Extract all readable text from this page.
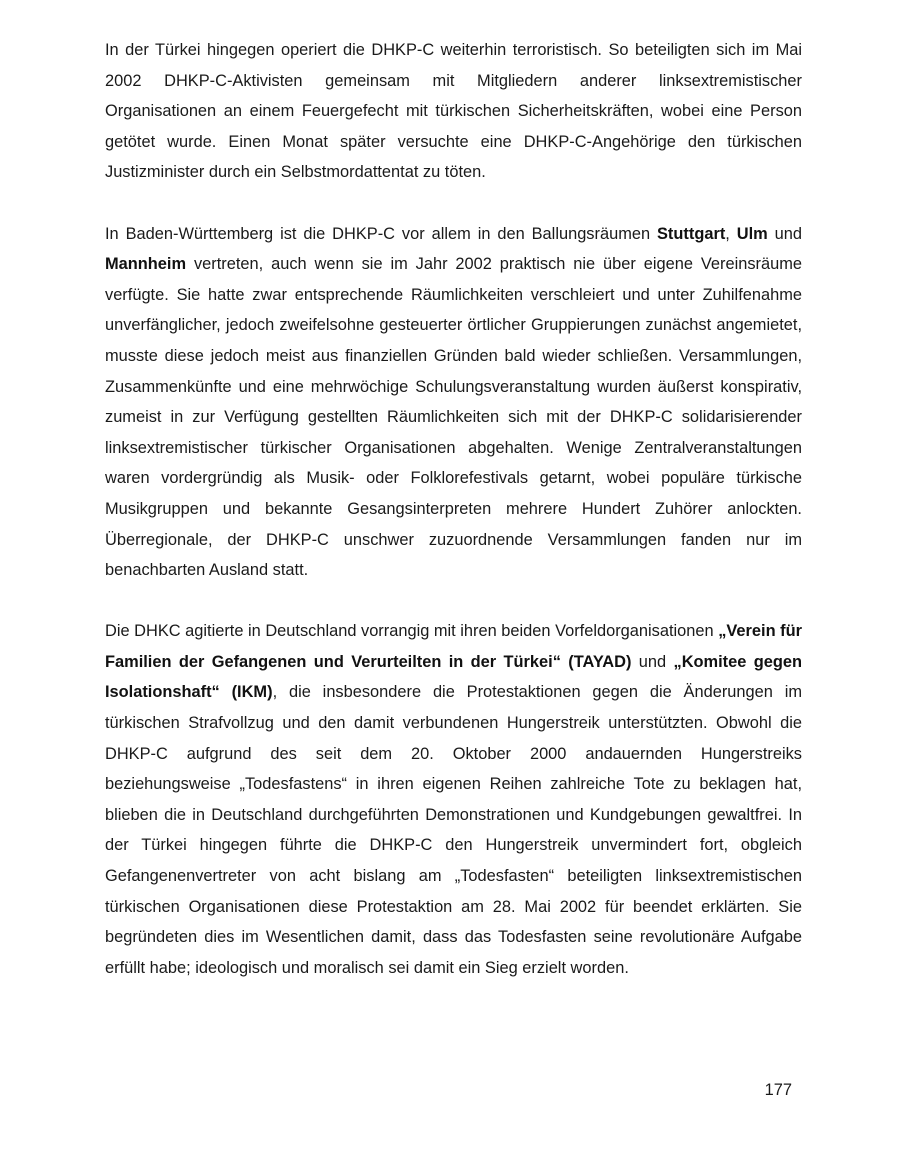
In der Türkei hingegen operiert die DHKP-C weiterhin terroristisch. So beteiligten sich im Mai 2002 DHKP-C-Aktivisten gemeinsam mit Mitgliedern anderer linksextremistischer Organisationen an einem Feuergefecht mit türkischen Sicherheitskräften, wobei eine Person getötet wurde. Einen Monat später versuchte eine DHKP-C-Angehörige den türkischen Justizminister durch ein Selbstmordattentat zu töten.

In Baden-Württemberg ist die DHKP-C vor allem in den Ballungsräumen Stuttgart, Ulm und Mannheim vertreten, auch wenn sie im Jahr 2002 praktisch nie über eigene Vereinsräume verfügte. Sie hatte zwar entsprechende Räumlichkeiten verschleiert und unter Zuhilfenahme unverfänglicher, jedoch zweifelsohne gesteuerter örtlicher Gruppierungen zunächst angemietet, musste diese jedoch meist aus finanziellen Gründen bald wieder schließen. Versammlungen, Zusammenkünfte und eine mehrwöchige Schulungsveranstaltung wurden äußerst konspirativ, zumeist in zur Verfügung gestellten Räumlichkeiten sich mit der DHKP-C solidarisierender linksextremistischer türkischer Organisationen abgehalten. Wenige Zentralveranstaltungen waren vordergründig als Musik- oder Folklorefestivals getarnt, wobei populäre türkische Musikgruppen und bekannte Gesangsinterpreten mehrere Hundert Zuhörer anlockten. Überregionale, der DHKP-C unschwer zuzuordnende Versammlungen fanden nur im benachbarten Ausland statt.

Die DHKC agitierte in Deutschland vorrangig mit ihren beiden Vorfeldorganisationen „Verein für Familien der Gefangenen und Verurteilten in der Türkei“ (TAYAD) und „Komitee gegen Isolationshaft“ (IKM), die insbesondere die Protestaktionen gegen die Änderungen im türkischen Strafvollzug und den damit verbundenen Hungerstreik unterstützten. Obwohl die DHKP-C aufgrund des seit dem 20. Oktober 2000 andauernden Hungerstreiks beziehungsweise „Todesfastens“ in ihren eigenen Reihen zahlreiche Tote zu beklagen hat, blieben die in Deutschland durchgeführten Demonstrationen und Kundgebungen gewaltfrei. In der Türkei hingegen führte die DHKP-C den Hungerstreik unvermindert fort, obgleich Gefangenenvertreter von acht bislang am „Todesfasten“ beteiligten linksextremistischen türkischen Organisationen diese Protestaktion am 28. Mai 2002 für beendet erklärten. Sie begründeten dies im Wesentlichen damit, dass das Todesfasten seine revolutionäre Aufgabe erfüllt habe; ideologisch und moralisch sei damit ein Sieg erzielt worden.

177
